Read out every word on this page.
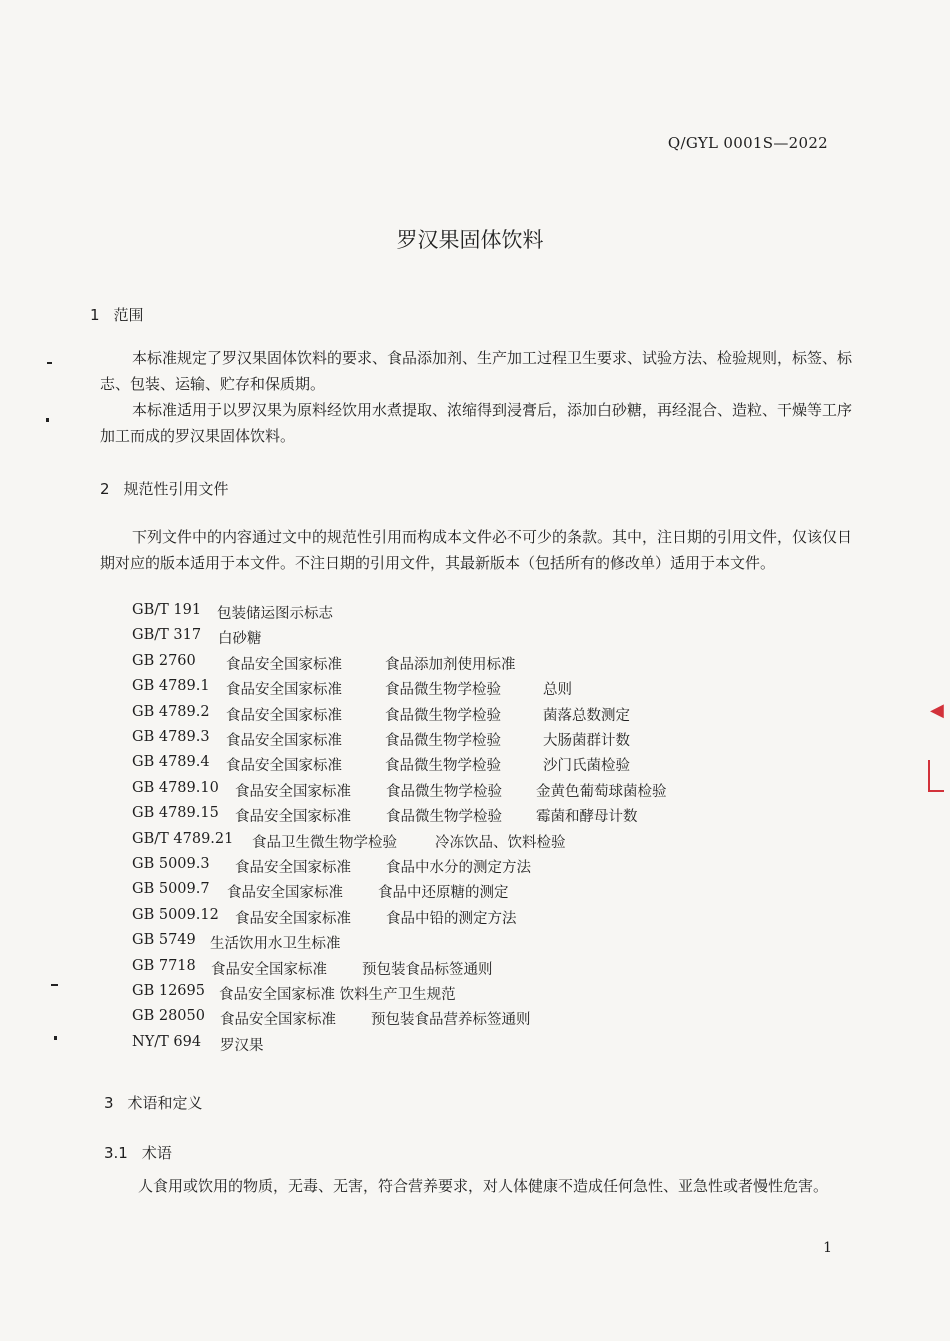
Q/GYL 0001S—2022
罗汉果固体饮料
1 范围
本标准规定了罗汉果固体饮料的要求、食品添加剂、生产加工过程卫生要求、试验方法、检验规则，标签、标志、包装、运输、贮存和保质期。
本标准适用于以罗汉果为原料经饮用水煮提取、浓缩得到浸膏后，添加白砂糖，再经混合、造粒、干燥等工序加工而成的罗汉果固体饮料。
2 规范性引用文件
下列文件中的内容通过文中的规范性引用而构成本文件必不可少的条款。其中，注日期的引用文件，仅该仅日期对应的版本适用于本文件。不注日期的引用文件，其最新版本（包括所有的修改单）适用于本文件。
GB/T 191 包装储运图示标志
GB/T 317 白砂糖
GB 2760 食品安全国家标准	食品添加剂使用标准
GB 4789.1 食品安全国家标准	食品微生物学检验	总则
GB 4789.2 食品安全国家标准	食品微生物学检验	菌落总数测定
GB 4789.3 食品安全国家标准	食品微生物学检验	大肠菌群计数
GB 4789.4 食品安全国家标准	食品微生物学检验	沙门氏菌检验
GB 4789.10 食品安全国家标准 食品微生物学检验 金黄色葡萄球菌检验
GB 4789.15 食品安全国家标准 食品微生物学检验 霉菌和酵母计数
GB/T 4789.21 食品卫生微生物学检验	冷冻饮品、饮料检验
GB 5009.3 食品安全国家标准 食品中水分的测定方法
GB 5009.7 食品安全国家标准 食品中还原糖的测定
GB 5009.12 食品安全国家标准 食品中铅的测定方法
GB 5749 生活饮用水卫生标准
GB 7718 食品安全国家标准 预包装食品标签通则
GB 12695 食品安全国家标准 饮料生产卫生规范
GB 28050 食品安全国家标准 预包装食品营养标签通则
NY/T 694 罗汉果
3 术语和定义
3.1 术语
人食用或饮用的物质，无毒、无害，符合营养要求，对人体健康不造成任何急性、亚急性或者慢性危害。
1
◀
